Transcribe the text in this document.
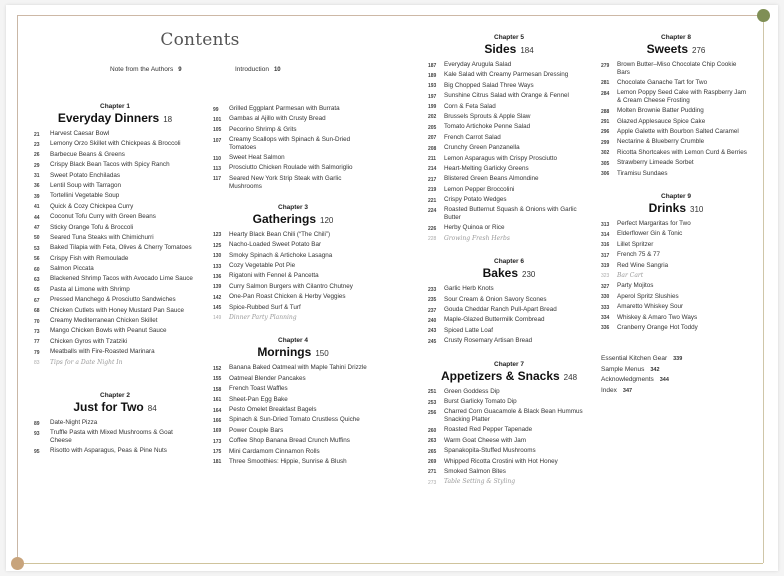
Contents
Note from the Authors 9	Introduction 10
Chapter 1
Everyday Dinners 18
21	Harvest Caesar Bowl
23	Lemony Orzo Skillet with Chickpeas & Broccoli
26	Barbecue Beans & Greens
29	Crispy Black Bean Tacos with Spicy Ranch
31	Sweet Potato Enchiladas
36	Lentil Soup with Tarragon
39	Tortellini Vegetable Soup
41	Quick & Cozy Chickpea Curry
44	Coconut Tofu Curry with Green Beans
47	Sticky Orange Tofu & Broccoli
50	Seared Tuna Steaks with Chimichurri
53	Baked Tilapia with Feta, Olives & Cherry Tomatoes
56	Crispy Fish with Remoulade
60	Salmon Piccata
63	Blackened Shrimp Tacos with Avocado Lime Sauce
65	Pasta al Limone with Shrimp
67	Pressed Manchego & Prosciutto Sandwiches
68	Chicken Cutlets with Honey Mustard Pan Sauce
70	Creamy Mediterranean Chicken Skillet
73	Mango Chicken Bowls with Peanut Sauce
77	Chicken Gyros with Tzatziki
79	Meatballs with Fire-Roasted Marinara
83	Tips for a Date Night In
Chapter 2
Just for Two 84
89	Date-Night Pizza
93	Truffle Pasta with Mixed Mushrooms & Goat Cheese
95	Risotto with Asparagus, Peas & Pine Nuts
99	Grilled Eggplant Parmesan with Burrata
101	Gambas al Ajillo with Crusty Bread
105	Pecorino Shrimp & Grits
107	Creamy Scallops with Spinach & Sun-Dried Tomatoes
110	Sweet Heat Salmon
113	Prosciutto Chicken Roulade with Salmoriglio
117	Seared New York Strip Steak with Garlic Mushrooms
Chapter 3
Gatherings 120
123	Hearty Black Bean Chili (“The Chili”)
125	Nacho-Loaded Sweet Potato Bar
130	Smoky Spinach & Artichoke Lasagna
133	Cozy Vegetable Pot Pie
136	Rigatoni with Fennel & Pancetta
139	Curry Salmon Burgers with Cilantro Chutney
142	One-Pan Roast Chicken & Herby Veggies
145	Spice-Rubbed Surf & Turf
149	Dinner Party Planning
Chapter 4
Mornings 150
152	Banana Baked Oatmeal with Maple Tahini Drizzle
155	Oatmeal Blender Pancakes
158	French Toast Waffles
161	Sheet-Pan Egg Bake
164	Pesto Omelet Breakfast Bagels
166	Spinach & Sun-Dried Tomato Crustless Quiche
169	Power Couple Bars
173	Coffee Shop Banana Bread Crunch Muffins
175	Mini Cardamom Cinnamon Rolls
181	Three Smoothies: Hippie, Sunrise & Blush
Chapter 5
Sides 184
187	Everyday Arugula Salad
189	Kale Salad with Creamy Parmesan Dressing
193	Big Chopped Salad Three Ways
197	Sunshine Citrus Salad with Orange & Fennel
199	Corn & Feta Salad
202	Brussels Sprouts & Apple Slaw
205	Tomato Artichoke Penne Salad
207	French Carrot Salad
208	Crunchy Green Panzanella
211	Lemon Asparagus with Crispy Prosciutto
214	Heart-Melting Garlicky Greens
217	Blistered Green Beans Almondine
219	Lemon Pepper Broccolini
221	Crispy Potato Wedges
224	Roasted Butternut Squash & Onions with Garlic Butter
226	Herby Quinoa or Rice
228	Growing Fresh Herbs
Chapter 6
Bakes 230
233	Garlic Herb Knots
235	Sour Cream & Onion Savory Scones
237	Gouda Cheddar Ranch Pull-Apart Bread
240	Maple-Glazed Buttermilk Cornbread
243	Spiced Latte Loaf
245	Crusty Rosemary Artisan Bread
Chapter 7
Appetizers & Snacks 248
251	Green Goddess Dip
253	Burst Garlicky Tomato Dip
256	Charred Corn Guacamole & Black Bean Hummus Snacking Platter
260	Roasted Red Pepper Tapenade
263	Warm Goat Cheese with Jam
265	Spanakopita-Stuffed Mushrooms
269	Whipped Ricotta Crostini with Hot Honey
271	Smoked Salmon Bites
273	Table Setting & Styling
Chapter 8
Sweets 276
279	Brown Butter–Miso Chocolate Chip Cookie Bars
281	Chocolate Ganache Tart for Two
284	Lemon Poppy Seed Cake with Raspberry Jam & Cream Cheese Frosting
288	Molten Brownie Batter Pudding
291	Glazed Applesauce Spice Cake
296	Apple Galette with Bourbon Salted Caramel
299	Nectarine & Blueberry Crumble
302	Ricotta Shortcakes with Lemon Curd & Berries
305	Strawberry Limeade Sorbet
306	Tiramisu Sundaes
Chapter 9
Drinks 310
313	Perfect Margaritas for Two
314	Elderflower Gin & Tonic
316	Lillet Spritzer
317	French 75 & 77
319	Red Wine Sangria
323	Bar Cart
327	Party Mojitos
330	Aperol Spritz Slushies
333	Amaretto Whiskey Sour
334	Whiskey & Amaro Two Ways
336	Cranberry Orange Hot Toddy
Essential Kitchen Gear 339
Sample Menus 342
Acknowledgments 344
Index 347
